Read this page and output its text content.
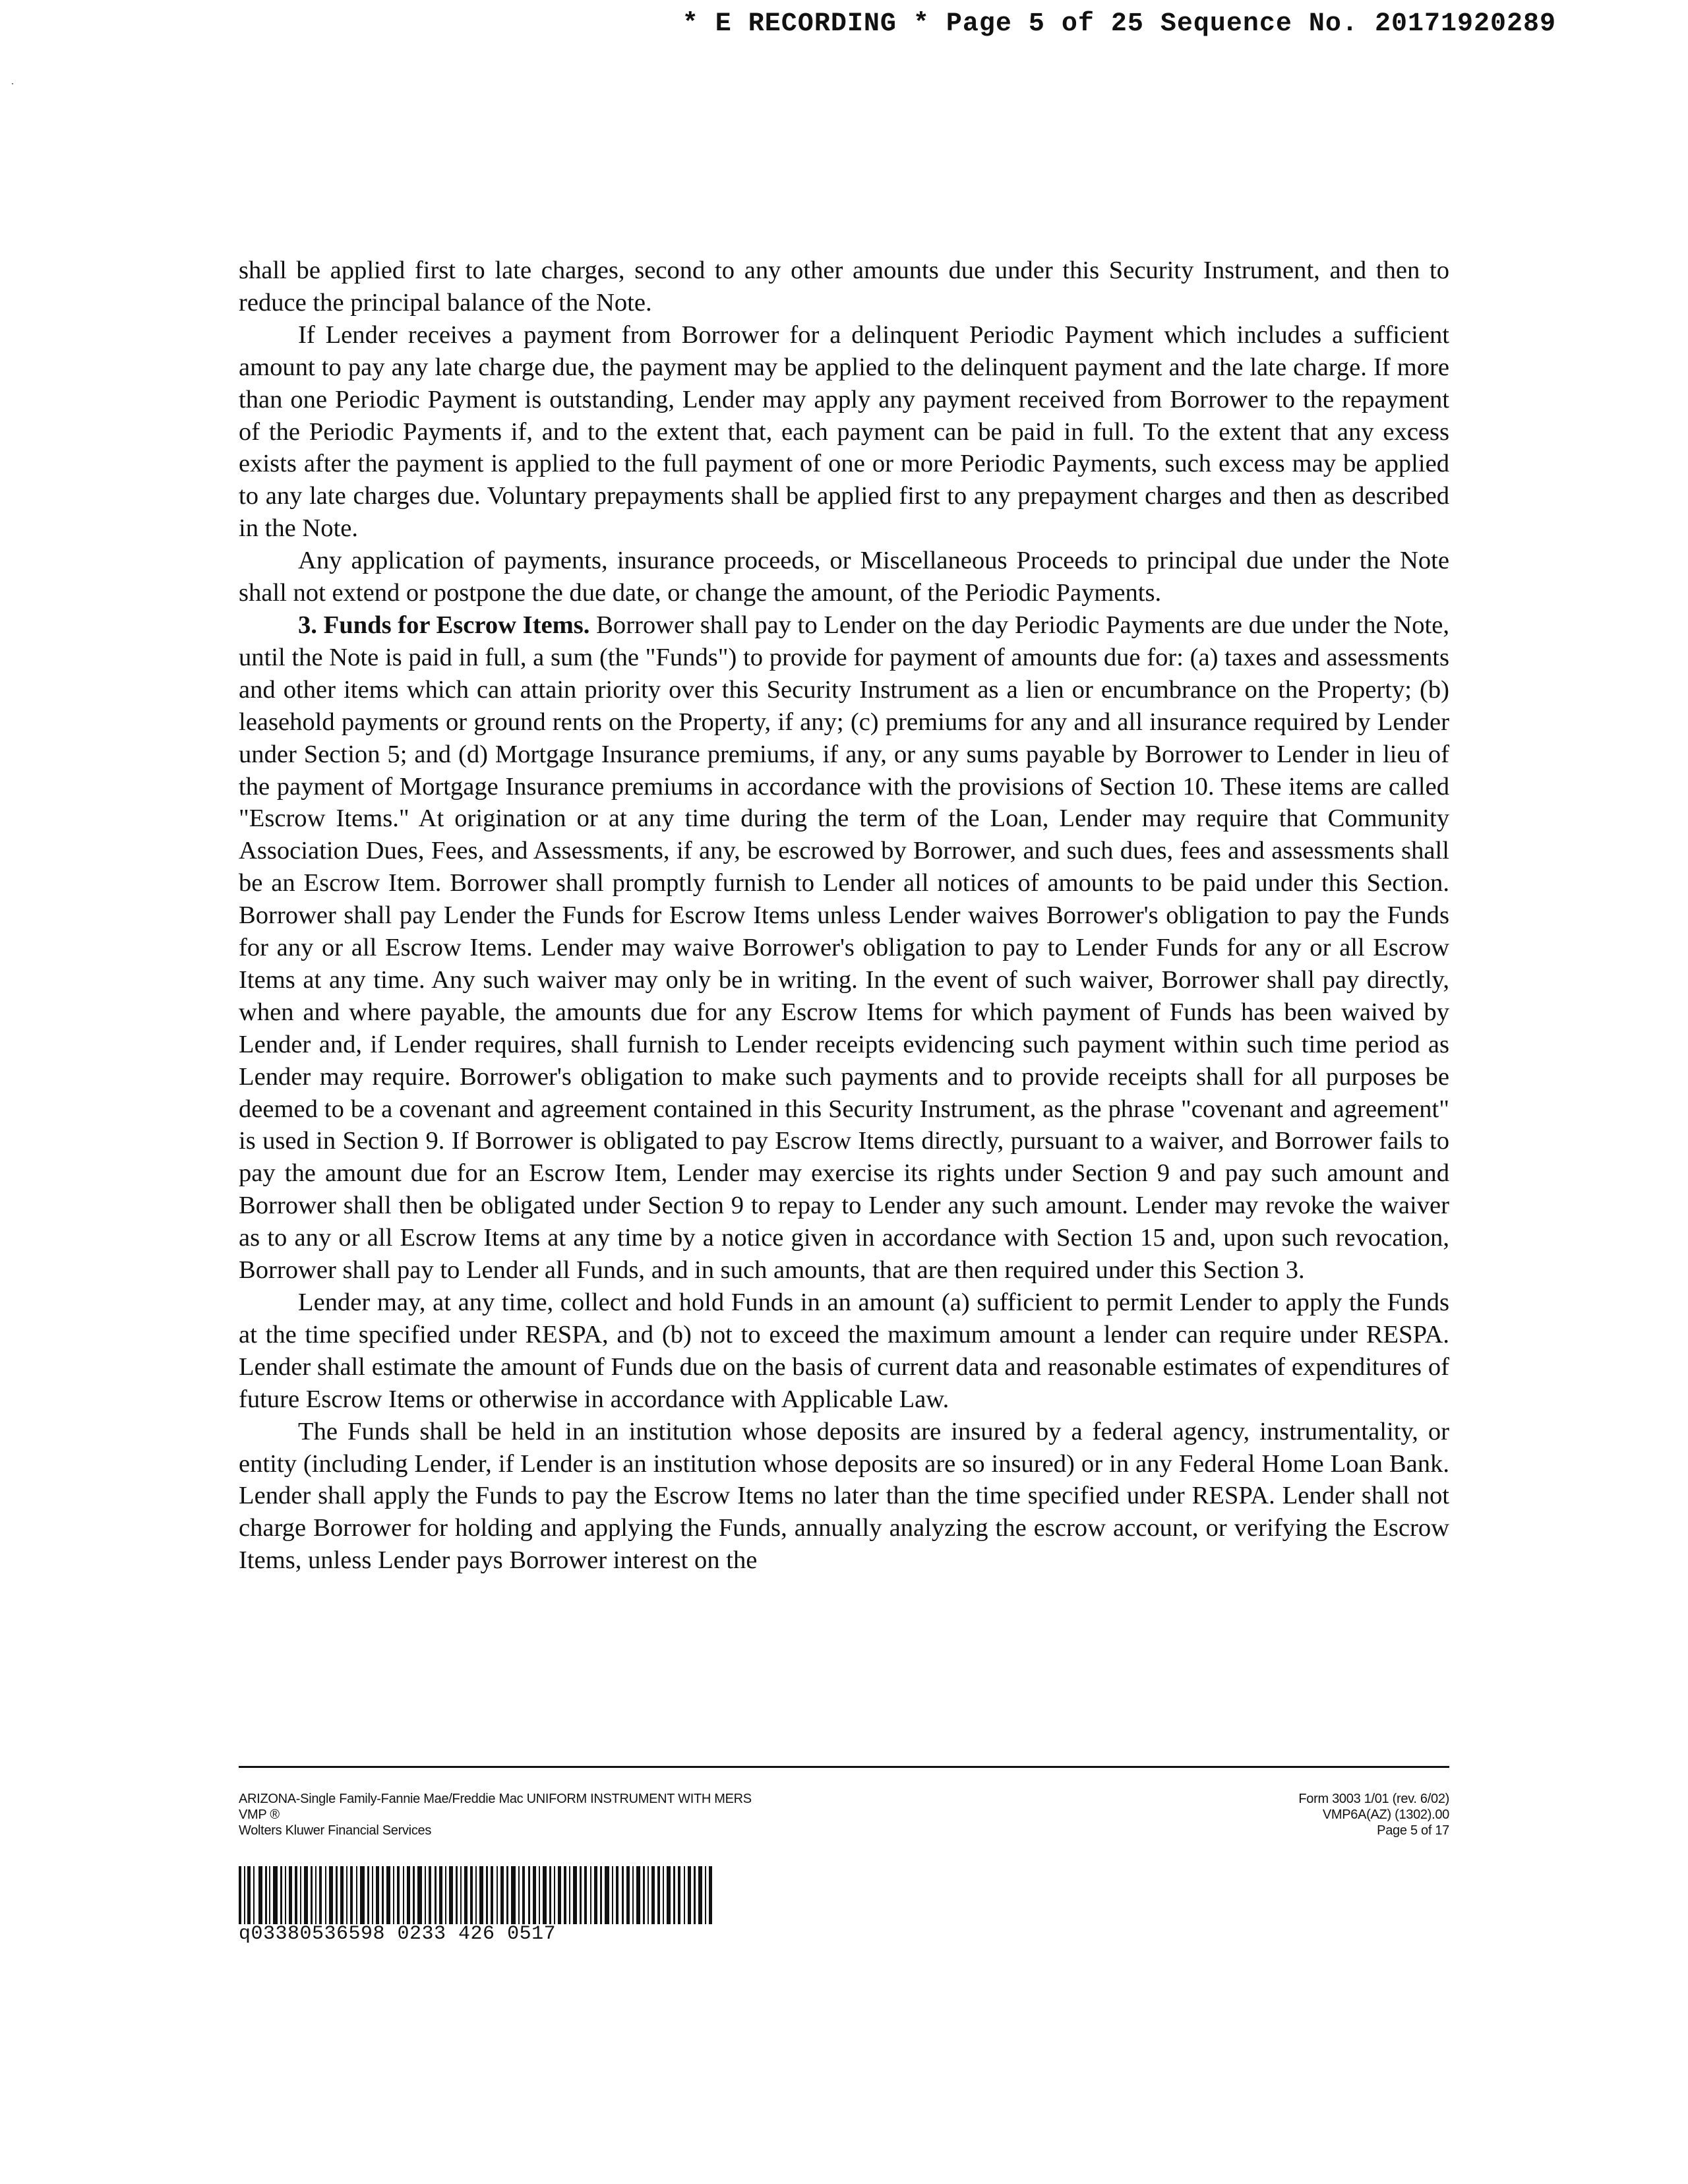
* E RECORDING * Page 5 of 25 Sequence No. 20171920289

shall be applied first to late charges, second to any other amounts due under this Security Instrument, and then to reduce the principal balance of the Note.

If Lender receives a payment from Borrower for a delinquent Periodic Payment which includes a sufficient amount to pay any late charge due, the payment may be applied to the delinquent payment and the late charge. If more than one Periodic Payment is outstanding, Lender may apply any payment received from Borrower to the repayment of the Periodic Payments if, and to the extent that, each payment can be paid in full. To the extent that any excess exists after the payment is applied to the full payment of one or more Periodic Payments, such excess may be applied to any late charges due. Voluntary prepayments shall be applied first to any prepayment charges and then as described in the Note.

Any application of payments, insurance proceeds, or Miscellaneous Proceeds to principal due under the Note shall not extend or postpone the due date, or change the amount, of the Periodic Payments.

3. Funds for Escrow Items. Borrower shall pay to Lender on the day Periodic Payments are due under the Note, until the Note is paid in full, a sum (the "Funds") to provide for payment of amounts due for: (a) taxes and assessments and other items which can attain priority over this Security Instrument as a lien or encumbrance on the Property; (b) leasehold payments or ground rents on the Property, if any; (c) premiums for any and all insurance required by Lender under Section 5; and (d) Mortgage Insurance premiums, if any, or any sums payable by Borrower to Lender in lieu of the payment of Mortgage Insurance premiums in accordance with the provisions of Section 10. These items are called "Escrow Items." At origination or at any time during the term of the Loan, Lender may require that Community Association Dues, Fees, and Assessments, if any, be escrowed by Borrower, and such dues, fees and assessments shall be an Escrow Item. Borrower shall promptly furnish to Lender all notices of amounts to be paid under this Section. Borrower shall pay Lender the Funds for Escrow Items unless Lender waives Borrower's obligation to pay the Funds for any or all Escrow Items. Lender may waive Borrower's obligation to pay to Lender Funds for any or all Escrow Items at any time. Any such waiver may only be in writing. In the event of such waiver, Borrower shall pay directly, when and where payable, the amounts due for any Escrow Items for which payment of Funds has been waived by Lender and, if Lender requires, shall furnish to Lender receipts evidencing such payment within such time period as Lender may require. Borrower's obligation to make such payments and to provide receipts shall for all purposes be deemed to be a covenant and agreement contained in this Security Instrument, as the phrase "covenant and agreement" is used in Section 9. If Borrower is obligated to pay Escrow Items directly, pursuant to a waiver, and Borrower fails to pay the amount due for an Escrow Item, Lender may exercise its rights under Section 9 and pay such amount and Borrower shall then be obligated under Section 9 to repay to Lender any such amount. Lender may revoke the waiver as to any or all Escrow Items at any time by a notice given in accordance with Section 15 and, upon such revocation, Borrower shall pay to Lender all Funds, and in such amounts, that are then required under this Section 3.

Lender may, at any time, collect and hold Funds in an amount (a) sufficient to permit Lender to apply the Funds at the time specified under RESPA, and (b) not to exceed the maximum amount a lender can require under RESPA. Lender shall estimate the amount of Funds due on the basis of current data and reasonable estimates of expenditures of future Escrow Items or otherwise in accordance with Applicable Law.

The Funds shall be held in an institution whose deposits are insured by a federal agency, instrumentality, or entity (including Lender, if Lender is an institution whose deposits are so insured) or in any Federal Home Loan Bank. Lender shall apply the Funds to pay the Escrow Items no later than the time specified under RESPA. Lender shall not charge Borrower for holding and applying the Funds, annually analyzing the escrow account, or verifying the Escrow Items, unless Lender pays Borrower interest on the

ARIZONA-Single Family-Fannie Mae/Freddie Mac UNIFORM INSTRUMENT WITH MERS
VMP ®
Wolters Kluwer Financial Services
Form 3003 1/01 (rev. 6/02)
VMP6A(AZ) (1302).00
Page 5 of 17
q03380536598 0233 426 0517
